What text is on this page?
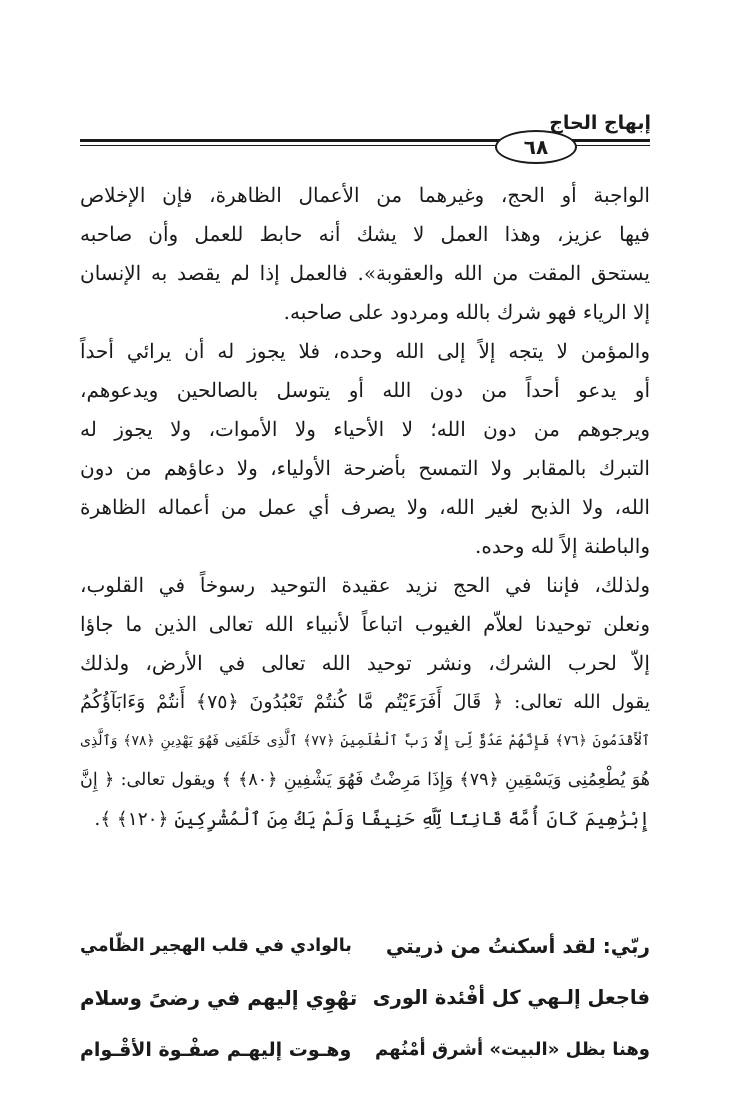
إبهاج الحاج
٦٨
الواجبة أو الحج، وغيرهما من الأعمال الظاهرة، فإن الإخلاص
فيها عزيز، وهذا العمل لا يشك أنه حابط للعمل وأن صاحبه
يستحق المقت من الله والعقوبة». فالعمل إذا لم يقصد به الإنسان
إلا الرياء فهو شرك بالله ومردود على صاحبه.
والمؤمن لا يتجه إلاً إلى الله وحده، فلا يجوز له أن يرائي أحداً
أو يدعو أحداً من دون الله أو يتوسل بالصالحين ويدعوهم،
ويرجوهم من دون الله؛ لا الأحياء ولا الأموات، ولا يجوز له
التبرك بالمقابر ولا التمسح بأضرحة الأولياء، ولا دعاؤهم من دون
الله، ولا الذبح لغير الله، ولا يصرف أي عمل من أعماله الظاهرة
والباطنة إلاً لله وحده.
ولذلك، فإننا في الحج نزيد عقيدة التوحيد رسوخاً في القلوب،
ونعلن توحيدنا لعلاّم الغيوب اتباعاً لأنبياء الله تعالى الذين ما جاؤا
إلاّ لحرب الشرك، ونشر توحيد الله تعالى في الأرض، ولذلك
يقول الله تعالى: ﴿ قَالَ أَفَرَءَيْتُم مَّا كُنتُمْ تَعْبُدُونَ ﴿٧٥﴾ أَنتُمْ وَءَابَآؤُكُمُ
ٱلْأَقْدَمُونَ ﴿٧٦﴾ فَإِنَّهُمْ عَدُوٌّ لِّىٓ إِلَّا رَبَّ ٱلْعَٰلَمِينَ ﴿٧٧﴾ ٱلَّذِى خَلَقَنِى فَهُوَ يَهْدِينِ ﴿٧٨﴾ وَٱلَّذِى
هُوَ يُطْعِمُنِى وَيَسْقِينِ ﴿٧٩﴾ وَإِذَا مَرِضْتُ فَهُوَ يَشْفِينِ ﴿٨٠﴾ ﴾ ويقول تعالى: ﴿ إِنَّ
إِبْرَٰهِيمَ كَانَ أُمَّةً قَانِتًا لِّلَّهِ حَنِيفًا وَلَمْ يَكُ مِنَ ٱلْمُشْرِكِينَ ﴿١٢٠﴾ ﴾.
ربّي: لقد أسكنتُ من ذريتي
بالوادي في قلب الهجير الظّامي
فاجعل إلـهي كل أفْئدة الورى
تهْوِي إليهم في رضىً وسلام
وهنا بظل «البيت» أشرق أمْنُهم
وهـوت إليهـم صفْـوة الأقْـوام
